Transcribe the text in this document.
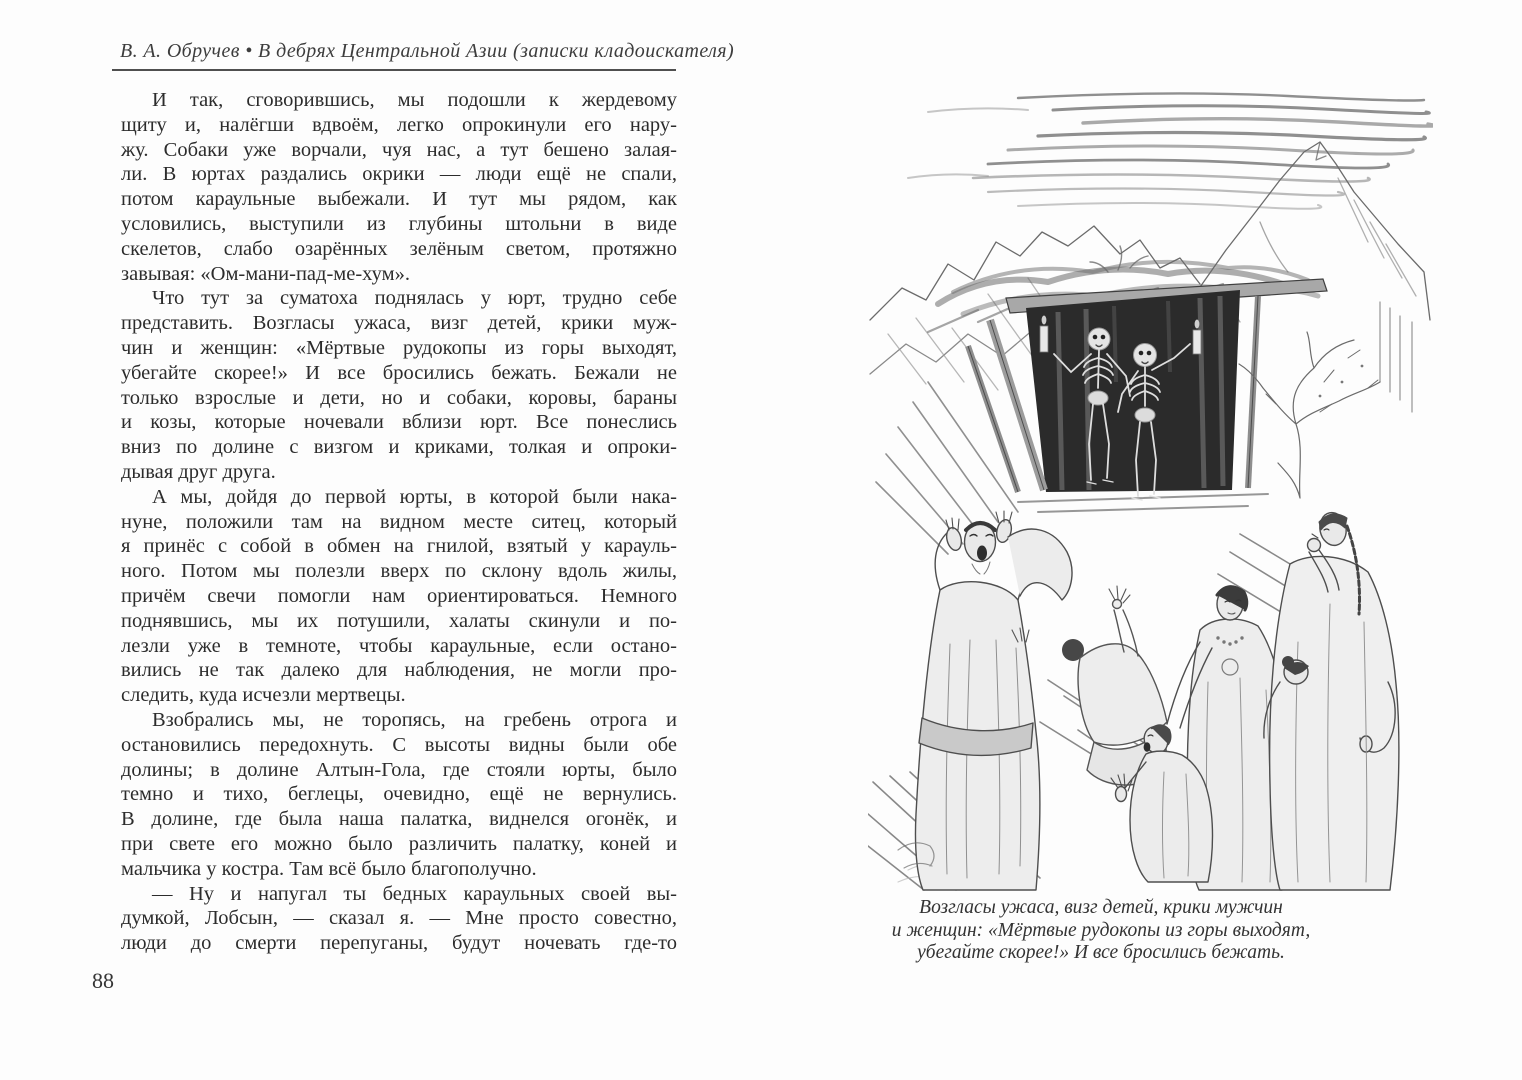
В. А. Обручев • В дебрях Центральной Азии (записки кладоискателя)
И так, сговорившись, мы подошли к жердевому
щиту и, налёгши вдвоём, легко опрокинули его нару-
жу. Собаки уже ворчали, чуя нас, а тут бешено залая-
ли. В юртах раздались окрики — люди ещё не спали,
потом караульные выбежали. И тут мы рядом, как
условились, выступили из глубины штольни в виде
скелетов, слабо озарённых зелёным светом, протяжно
завывая: «Ом-мани-пад-ме-хум».
Что тут за суматоха поднялась у юрт, трудно себе
представить. Возгласы ужаса, визг детей, крики муж-
чин и женщин: «Мёртвые рудокопы из горы выходят,
убегайте скорее!» И все бросились бежать. Бежали не
только взрослые и дети, но и собаки, коровы, бараны
и козы, которые ночевали вблизи юрт. Все понеслись
вниз по долине с визгом и криками, толкая и опроки-
дывая друг друга.
А мы, дойдя до первой юрты, в которой были нака-
нуне, положили там на видном месте ситец, который
я принёс с собой в обмен на гнилой, взятый у карауль-
ного. Потом мы полезли вверх по склону вдоль жилы,
причём свечи помогли нам ориентироваться. Немного
поднявшись, мы их потушили, халаты скинули и по-
лезли уже в темноте, чтобы караульные, если остано-
вились не так далеко для наблюдения, не могли про-
следить, куда исчезли мертвецы.
Взобрались мы, не торопясь, на гребень отрога и
остановились передохнуть. С высоты видны были обе
долины; в долине Алтын-Гола, где стояли юрты, было
темно и тихо, беглецы, очевидно, ещё не вернулись.
В долине, где была наша палатка, виднелся огонёк, и
при свете его можно было различить палатку, коней и
мальчика у костра. Там всё было благополучно.
— Ну и напугал ты бедных караульных своей вы-
думкой, Лобсын, — сказал я. — Мне просто совестно,
люди до смерти перепуганы, будут ночевать где-то
88
Возгласы ужаса, визг детей, крики мужчин
и женщин: «Мёртвые рудокопы из горы выходят,
убегайте скорее!» И все бросились бежать.
